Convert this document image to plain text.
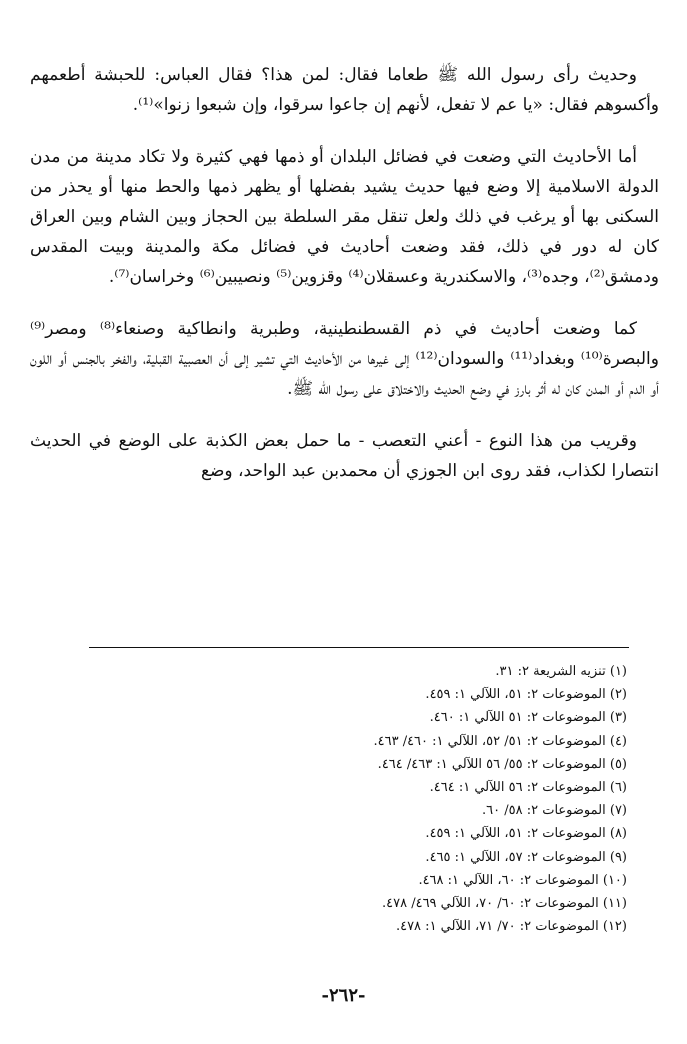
وحديث رأى رسول الله ﷺ طعاما فقال: لمن هذا؟ فقال العباس: للحبشة أطعمهم وأكسوهم فقال: «يا عم لا تفعل، لأنهم إن جاعوا سرقوا، وإن شبعوا زنوا»⁽¹⁾.

أما الأحاديث التي وضعت في فضائل البلدان أو ذمها فهي كثيرة ولا تكاد مدينة من مدن الدولة الاسلامية إلا وضع فيها حديث يشيد بفضلها أو يظهر ذمها والحط منها أو يحذر من السكنى بها أو يرغب في ذلك ولعل تنقل مقر السلطة بين الحجاز وبين الشام وبين العراق كان له دور في ذلك، فقد وضعت أحاديث في فضائل مكة والمدينة وبيت المقدس ودمشق⁽²⁾، وجده⁽³⁾، والاسكندرية وعسقلان⁽⁴⁾ وقزوين⁽⁵⁾ ونصيبين⁽⁶⁾ وخراسان⁽⁷⁾.

كما وضعت أحاديث في ذم القسطنطينية، وطبرية وانطاكية وصنعاء⁽⁸⁾ ومصر⁽⁹⁾ والبصرة⁽¹⁰⁾ وبغداد⁽¹¹⁾ والسودان⁽¹²⁾ إلى غيرها من الأحاديث التي تشير إلى أن العصبية القبلية، والفخر بالجنس أو اللون أو الدم أو المدن كان له أثر بارز في وضع الحديث والاختلاق على رسول الله ﷺ.

وقريب من هذا النوع - أعني التعصب - ما حمل بعض الكذبة على الوضع في الحديث انتصارا لكذاب، فقد روى ابن الجوزي أن محمدبن عبد الواحد، وضع

(١) تنزيه الشريعة ٢: ٣١.
(٢) الموضوعات ٢: ٥١، اللآلي ١: ٤٥٩.
(٣) الموضوعات ٢: ٥١ اللآلي ١: ٤٦٠.
(٤) الموضوعات ٢: ٥١/ ٥٢، اللآلي ١: ٤٦٠/ ٤٦٣.
(٥) الموضوعات ٢: ٥٥/ ٥٦ اللآلي ١: ٤٦٣/ ٤٦٤.
(٦) الموضوعات ٢: ٥٦ اللآلي ١: ٤٦٤.
(٧) الموضوعات ٢: ٥٨/ ٦٠.
(٨) الموضوعات ٢: ٥١، اللآلي ١: ٤٥٩.
(٩) الموضوعات ٢: ٥٧، اللآلي ١: ٤٦٥.
(١٠) الموضوعات ٢: ٦٠، اللآلي ١: ٤٦٨.
(١١) الموضوعات ٢: ٦٠/ ٧٠، اللآلي ٤٦٩/ ٤٧٨.
(١٢) الموضوعات ٢: ٧٠/ ٧١، اللآلي ١: ٤٧٨.
-٢٦٢-
